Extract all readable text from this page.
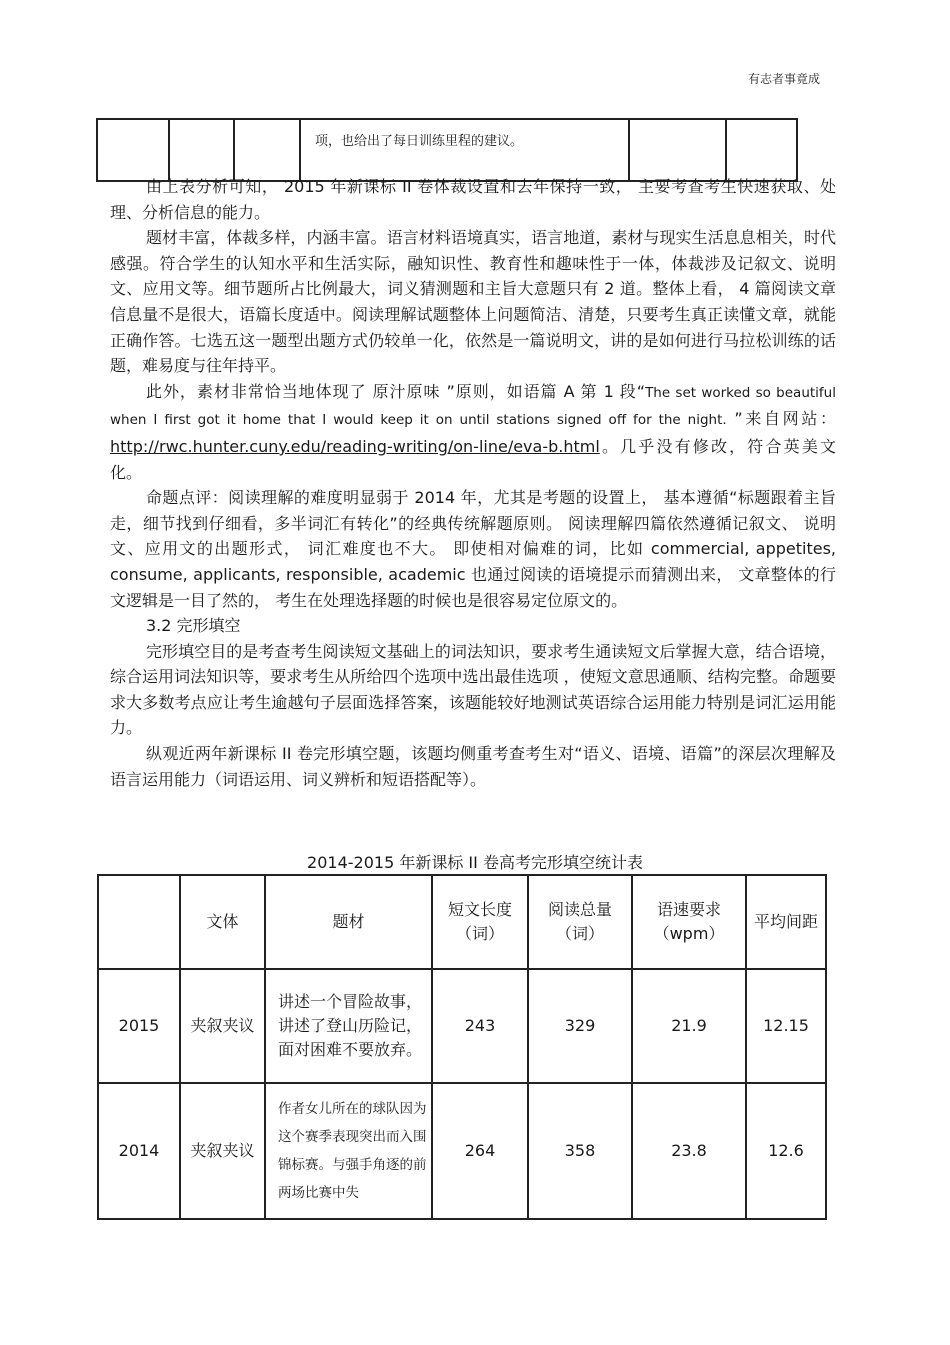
有志者事竟成
			项，也给出了每日训练里程的建议。		

由上表分析可知， 2015 年新课标 II 卷体裁设置和去年保持一致， 主要考查考生快速获取、处理、分析信息的能力。

题材丰富，体裁多样，内涵丰富。语言材料语境真实，语言地道，素材与现实生活息息相关，时代感强。符合学生的认知水平和生活实际，融知识性、教育性和趣味性于一体，体裁涉及记叙文、说明文、应用文等。细节题所占比例最大，词义猜测题和主旨大意题只有 2 道。整体上看， 4 篇阅读文章信息量不是很大，语篇长度适中。阅读理解试题整体上问题简洁、清楚，只要考生真正读懂文章，就能正确作答。七选五这一题型出题方式仍较单一化，依然是一篇说明文，讲的是如何进行马拉松训练的话题，难易度与往年持平。

此外，素材非常恰当地体现了 原汁原味 ”原则，如语篇 A 第 1 段“The set worked so beautiful when I first got it home that I would keep it on until stations signed off for the night. ”来自网站：http://rwc.hunter.cuny.edu/reading-writing/on-line/eva-b.html。几乎没有修改，符合英美文化。

命题点评：阅读理解的难度明显弱于 2014 年，尤其是考题的设置上， 基本遵循“标题跟着主旨走，细节找到仔细看，多半词汇有转化”的经典传统解题原则。 阅读理解四篇依然遵循记叙文、 说明文、应用文的出题形式， 词汇难度也不大。 即使相对偏难的词，比如 commercial, appetites, consume, applicants, responsible, academic 也通过阅读的语境提示而猜测出来， 文章整体的行文逻辑是一目了然的， 考生在处理选择题的时候也是很容易定位原文的。

3.2 完形填空

完形填空目的是考查考生阅读短文基础上的词法知识，要求考生通读短文后掌握大意，结合语境，综合运用词法知识等，要求考生从所给四个选项中选出最佳选项 ，使短文意思通顺、结构完整。命题要求大多数考点应让考生逾越句子层面选择答案，该题能较好地测试英语综合运用能力特别是词汇运用能力。

纵观近两年新课标 II 卷完形填空题，该题均侧重考查考生对“语义、语境、语篇”的深层次理解及语言运用能力（词语运用、词义辨析和短语搭配等）。

2014-2015 年新课标 II 卷高考完形填空统计表
	文体	题材	短文长度（词）	阅读总量（词）	语速要求（wpm）	平均间距
2015	夹叙夹议	讲述一个冒险故事，讲述了登山历险记，面对困难不要放弃。	243	329	21.9	12.15
2014	夹叙夹议	作者女儿所在的球队因为这个赛季表现突出而入围锦标赛。与强手角逐的前两场比赛中失	264	358	23.8	12.6
